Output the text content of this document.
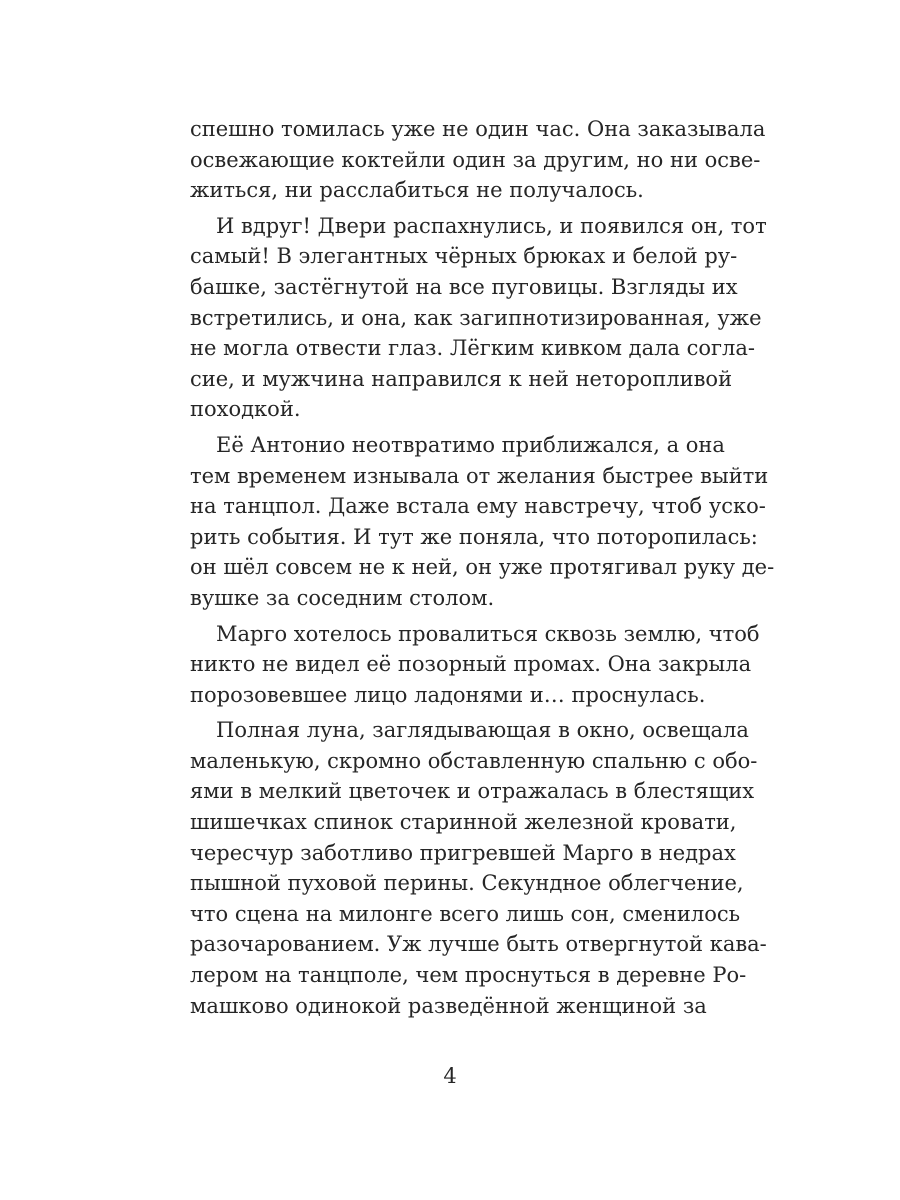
спешно томилась уже не один час. Она заказывала
освежающие коктейли один за другим, но ни осве-
житься, ни расслабиться не получалось.
И вдруг! Двери распахнулись, и появился он, тот
самый! В элегантных чёрных брюках и белой ру-
башке, застёгнутой на все пуговицы. Взгляды их
встретились, и она, как загипнотизированная, уже
не могла отвести глаз. Лёгким кивком дала согла-
сие, и мужчина направился к ней неторопливой
походкой.
Её Антонио неотвратимо приближался, а она
тем временем изнывала от желания быстрее выйти
на танцпол. Даже встала ему навстречу, чтоб уско-
рить события. И тут же поняла, что поторопилась:
он шёл совсем не к ней, он уже протягивал руку де-
вушке за соседним столом.
Марго хотелось провалиться сквозь землю, чтоб
никто не видел её позорный промах. Она закрыла
порозовевшее лицо ладонями и… проснулась.
Полная луна, заглядывающая в окно, освещала
маленькую, скромно обставленную спальню с обо-
ями в мелкий цветочек и отражалась в блестящих
шишечках спинок старинной железной кровати,
чересчур заботливо пригревшей Марго в недрах
пышной пуховой перины. Секундное облегчение,
что сцена на милонге всего лишь сон, сменилось
разочарованием. Уж лучше быть отвергнутой кава-
лером на танцполе, чем проснуться в деревне Ро-
машково одинокой разведённой женщиной за
4
